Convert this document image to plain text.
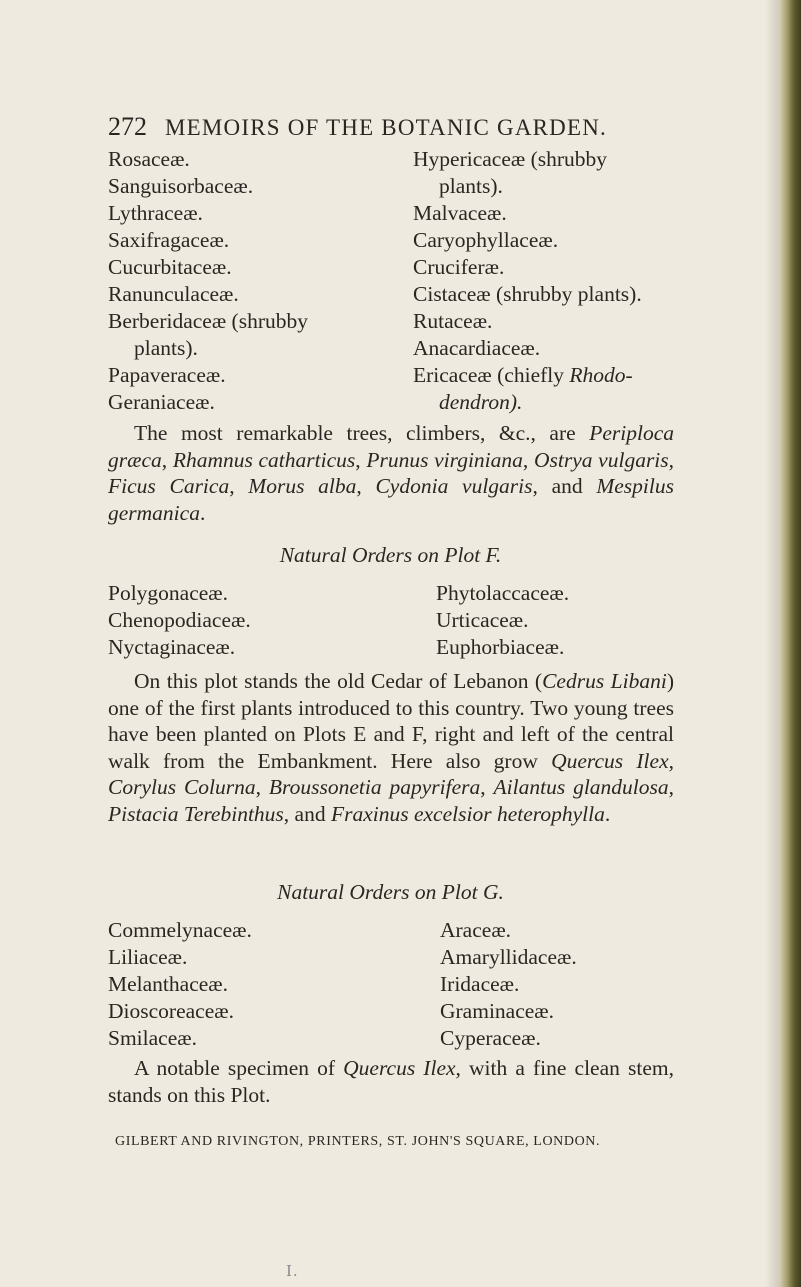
272 MEMOIRS OF THE BOTANIC GARDEN.
Rosaceæ.
Sanguisorbaceæ.
Lythraceæ.
Saxifragaceæ.
Cucurbitaceæ.
Ranunculaceæ.
Berberidaceæ (shrubby
plants).
Papaveraceæ.
Geraniaceæ.
Hypericaceæ (shrubby
plants).
Malvaceæ.
Caryophyllaceæ.
Cruciferæ.
Cistaceæ (shrubby plants).
Rutaceæ.
Anacardiaceæ.
Ericaceæ (chiefly Rhodo-
dendron).
The most remarkable trees, climbers, &c., are Periploca græca, Rhamnus catharticus, Prunus virginiana, Ostrya vulgaris, Ficus Carica, Morus alba, Cydonia vulgaris, and Mespilus germanica.
Natural Orders on Plot F.
Polygonaceæ.
Chenopodiaceæ.
Nyctaginaceæ.
Phytolaccaceæ.
Urticaceæ.
Euphorbiaceæ.
On this plot stands the old Cedar of Lebanon (Cedrus Libani) one of the first plants introduced to this country. Two young trees have been planted on Plots E and F, right and left of the central walk from the Embankment. Here also grow Quercus Ilex, Corylus Colurna, Broussonetia papyrifera, Ailantus glandulosa, Pistacia Terebinthus, and Fraxinus excelsior heterophylla.
Natural Orders on Plot G.
Commelynaceæ.
Liliaceæ.
Melanthaceæ.
Dioscoreaceæ.
Smilaceæ.
Araceæ.
Amaryllidaceæ.
Iridaceæ.
Graminaceæ.
Cyperaceæ.
A notable specimen of Quercus Ilex, with a fine clean stem, stands on this Plot.
GILBERT AND RIVINGTON, PRINTERS, ST. JOHN'S SQUARE, LONDON.
I.
